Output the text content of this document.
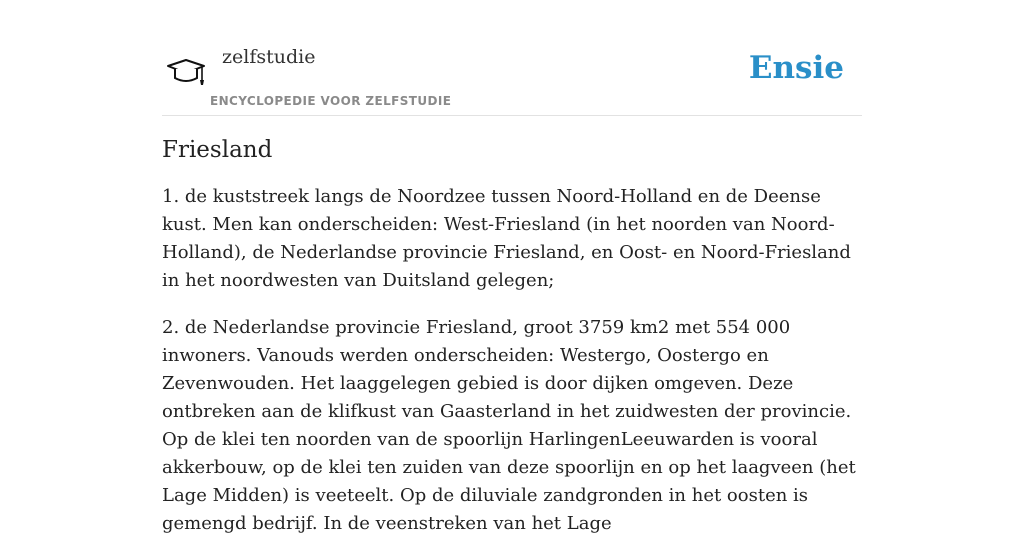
zelfstudie
ENCYCLOPEDIE VOOR ZELFSTUDIE
Ensie
Friesland

1. de kuststreek langs de Noordzee tussen Noord-Holland en de Deense kust. Men kan onderscheiden: West-Friesland (in het noorden van Noord-Holland), de Nederlandse provincie Friesland, en Oost- en Noord-Friesland in het noordwesten van Duitsland gelegen;

2. de Nederlandse provincie Friesland, groot 3759 km2 met 554 000 inwoners. Vanouds werden onderscheiden: Westergo, Oostergo en Zevenwouden. Het laaggelegen gebied is door dijken omgeven. Deze ontbreken aan de klifkust van Gaasterland in het zuidwesten der provincie. Op de klei ten noorden van de spoorlijn HarlingenLeeuwarden is vooral akkerbouw, op de klei ten zuiden van deze spoorlijn en op het laagveen (het Lage Midden) is veeteelt. Op de diluviale zandgronden in het oosten is gemengd bedrijf. In de veenstreken van het Lage
